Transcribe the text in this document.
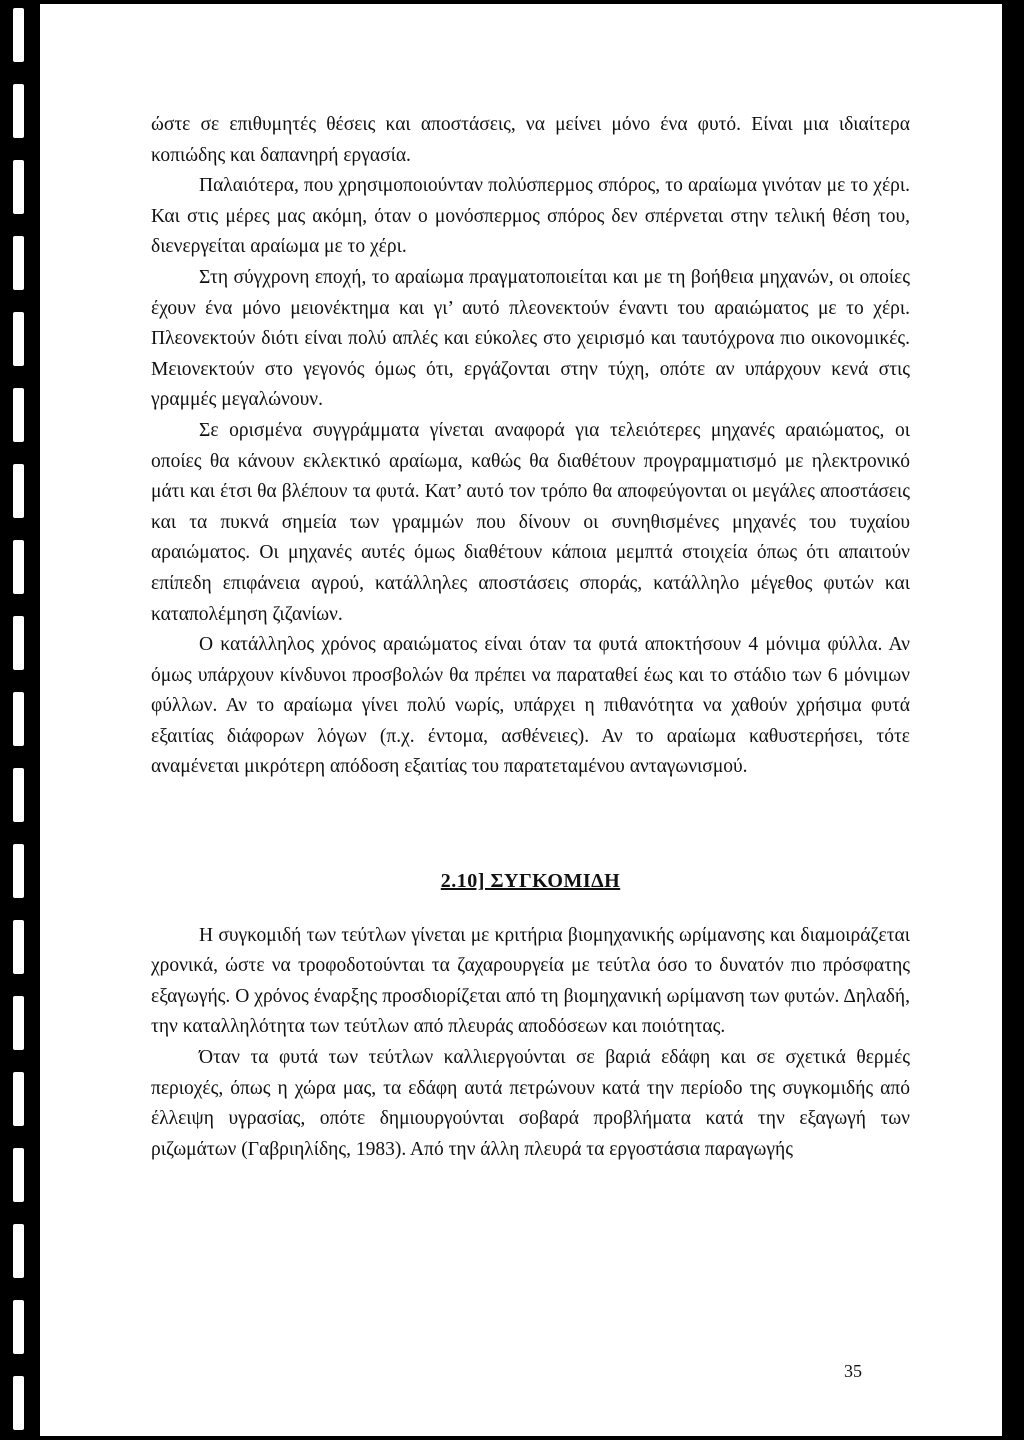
ώστε σε επιθυμητές θέσεις και αποστάσεις, να μείνει μόνο ένα φυτό. Είναι μια ιδιαίτερα κοπιώδης και δαπανηρή εργασία.

Παλαιότερα, που χρησιμοποιούνταν πολύσπερμος σπόρος, το αραίωμα γινόταν με το χέρι. Και στις μέρες μας ακόμη, όταν ο μονόσπερμος σπόρος δεν σπέρνεται στην τελική θέση του, διενεργείται αραίωμα με το χέρι.

Στη σύγχρονη εποχή, το αραίωμα πραγματοποιείται και με τη βοήθεια μηχανών, οι οποίες έχουν ένα μόνο μειονέκτημα και γι’ αυτό πλεονεκτούν έναντι του αραιώματος με το χέρι. Πλεονεκτούν διότι είναι πολύ απλές και εύκολες στο χειρισμό και ταυτόχρονα πιο οικονομικές. Μειονεκτούν στο γεγονός όμως ότι, εργάζονται στην τύχη, οπότε αν υπάρχουν κενά στις γραμμές μεγαλώνουν.

Σε ορισμένα συγγράμματα γίνεται αναφορά για τελειότερες μηχανές αραιώματος, οι οποίες θα κάνουν εκλεκτικό αραίωμα, καθώς θα διαθέτουν προγραμματισμό με ηλεκτρονικό μάτι και έτσι θα βλέπουν τα φυτά. Κατ’ αυτό τον τρόπο θα αποφεύγονται οι μεγάλες αποστάσεις και τα πυκνά σημεία των γραμμών που δίνουν οι συνηθισμένες μηχανές του τυχαίου αραιώματος. Οι μηχανές αυτές όμως διαθέτουν κάποια μεμπτά στοιχεία όπως ότι απαιτούν επίπεδη επιφάνεια αγρού, κατάλληλες αποστάσεις σποράς, κατάλληλο μέγεθος φυτών και καταπολέμηση ζιζανίων.

Ο κατάλληλος χρόνος αραιώματος είναι όταν τα φυτά αποκτήσουν 4 μόνιμα φύλλα. Αν όμως υπάρχουν κίνδυνοι προσβολών θα πρέπει να παραταθεί έως και το στάδιο των 6 μόνιμων φύλλων. Αν το αραίωμα γίνει πολύ νωρίς, υπάρχει η πιθανότητα να χαθούν χρήσιμα φυτά εξαιτίας διάφορων λόγων (π.χ. έντομα, ασθένειες). Αν το αραίωμα καθυστερήσει, τότε αναμένεται μικρότερη απόδοση εξαιτίας του παρατεταμένου ανταγωνισμού.

2.10] ΣΥΓΚΟΜΙΔΗ

Η συγκομιδή των τεύτλων γίνεται με κριτήρια βιομηχανικής ωρίμανσης και διαμοιράζεται χρονικά, ώστε να τροφοδοτούνται τα ζαχαρουργεία με τεύτλα όσο το δυνατόν πιο πρόσφατης εξαγωγής. Ο χρόνος έναρξης προσδιορίζεται από τη βιομηχανική ωρίμανση των φυτών. Δηλαδή, την καταλληλότητα των τεύτλων από πλευράς αποδόσεων και ποιότητας.

Όταν τα φυτά των τεύτλων καλλιεργούνται σε βαριά εδάφη και σε σχετικά θερμές περιοχές, όπως η χώρα μας, τα εδάφη αυτά πετρώνουν κατά την περίοδο της συγκομιδής από έλλειψη υγρασίας, οπότε δημιουργούνται σοβαρά προβλήματα κατά την εξαγωγή των ριζωμάτων (Γαβριηλίδης, 1983). Από την άλλη πλευρά τα εργοστάσια παραγωγής

35
